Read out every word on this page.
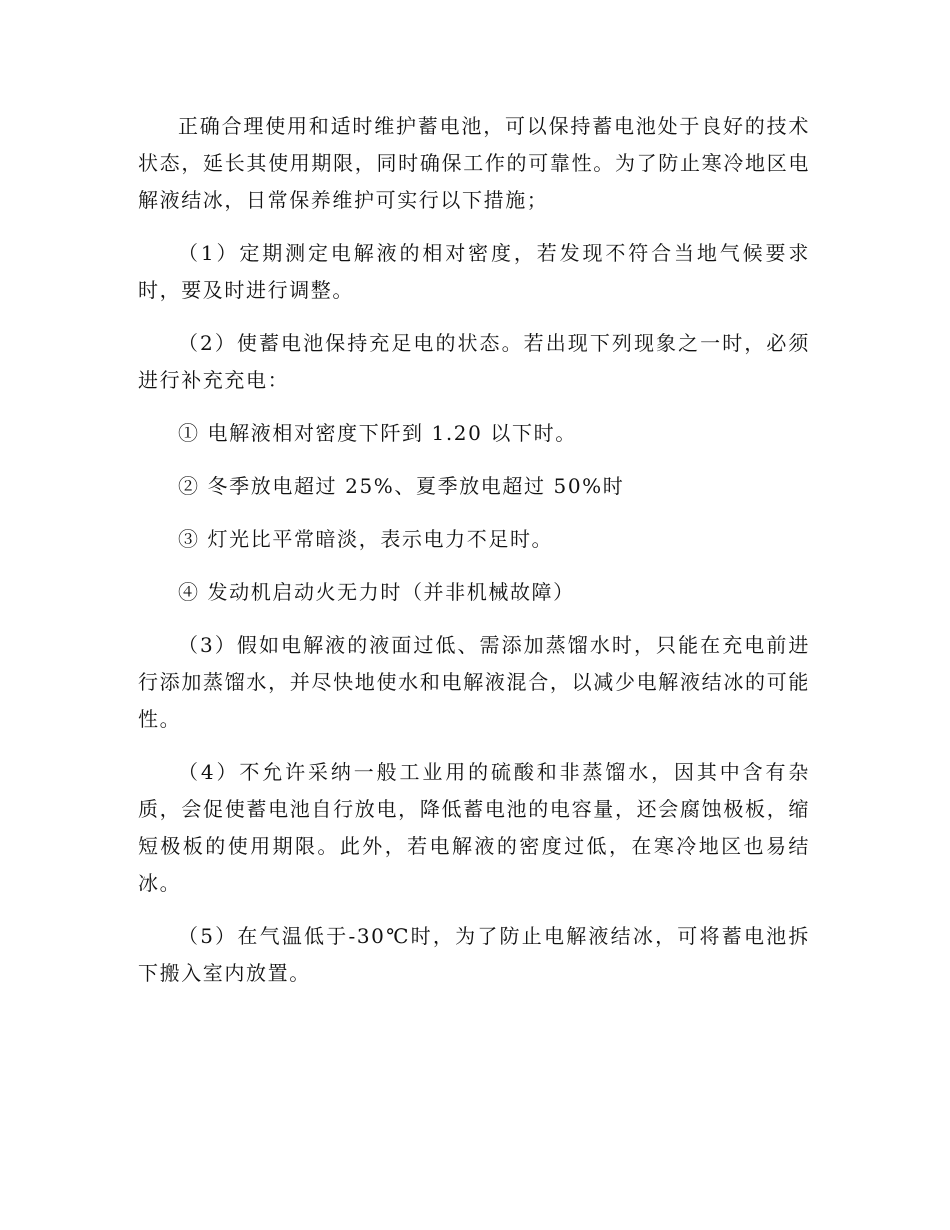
正确合理使用和适时维护蓄电池，可以保持蓄电池处于良好的技术状态，延长其使用期限，同时确保工作的可靠性。为了防止寒冷地区电解液结冰，日常保养维护可实行以下措施；

（1）定期测定电解液的相对密度，若发现不符合当地气候要求时，要及时进行调整。

（2）使蓄电池保持充足电的状态。若出现下列现象之一时，必须进行补充充电：

① 电解液相对密度下阡到 1.20 以下时。

② 冬季放电超过 25%、夏季放电超过 50%时

③ 灯光比平常暗淡，表示电力不足时。

④ 发动机启动火无力时（并非机械故障）

（3）假如电解液的液面过低、需添加蒸馏水时，只能在充电前进行添加蒸馏水，并尽快地使水和电解液混合，以减少电解液结冰的可能性。

（4）不允许采纳一般工业用的硫酸和非蒸馏水，因其中含有杂质，会促使蓄电池自行放电，降低蓄电池的电容量，还会腐蚀极板，缩短极板的使用期限。此外，若电解液的密度过低，在寒冷地区也易结冰。

（5）在气温低于-30℃时，为了防止电解液结冰，可将蓄电池拆下搬入室内放置。
